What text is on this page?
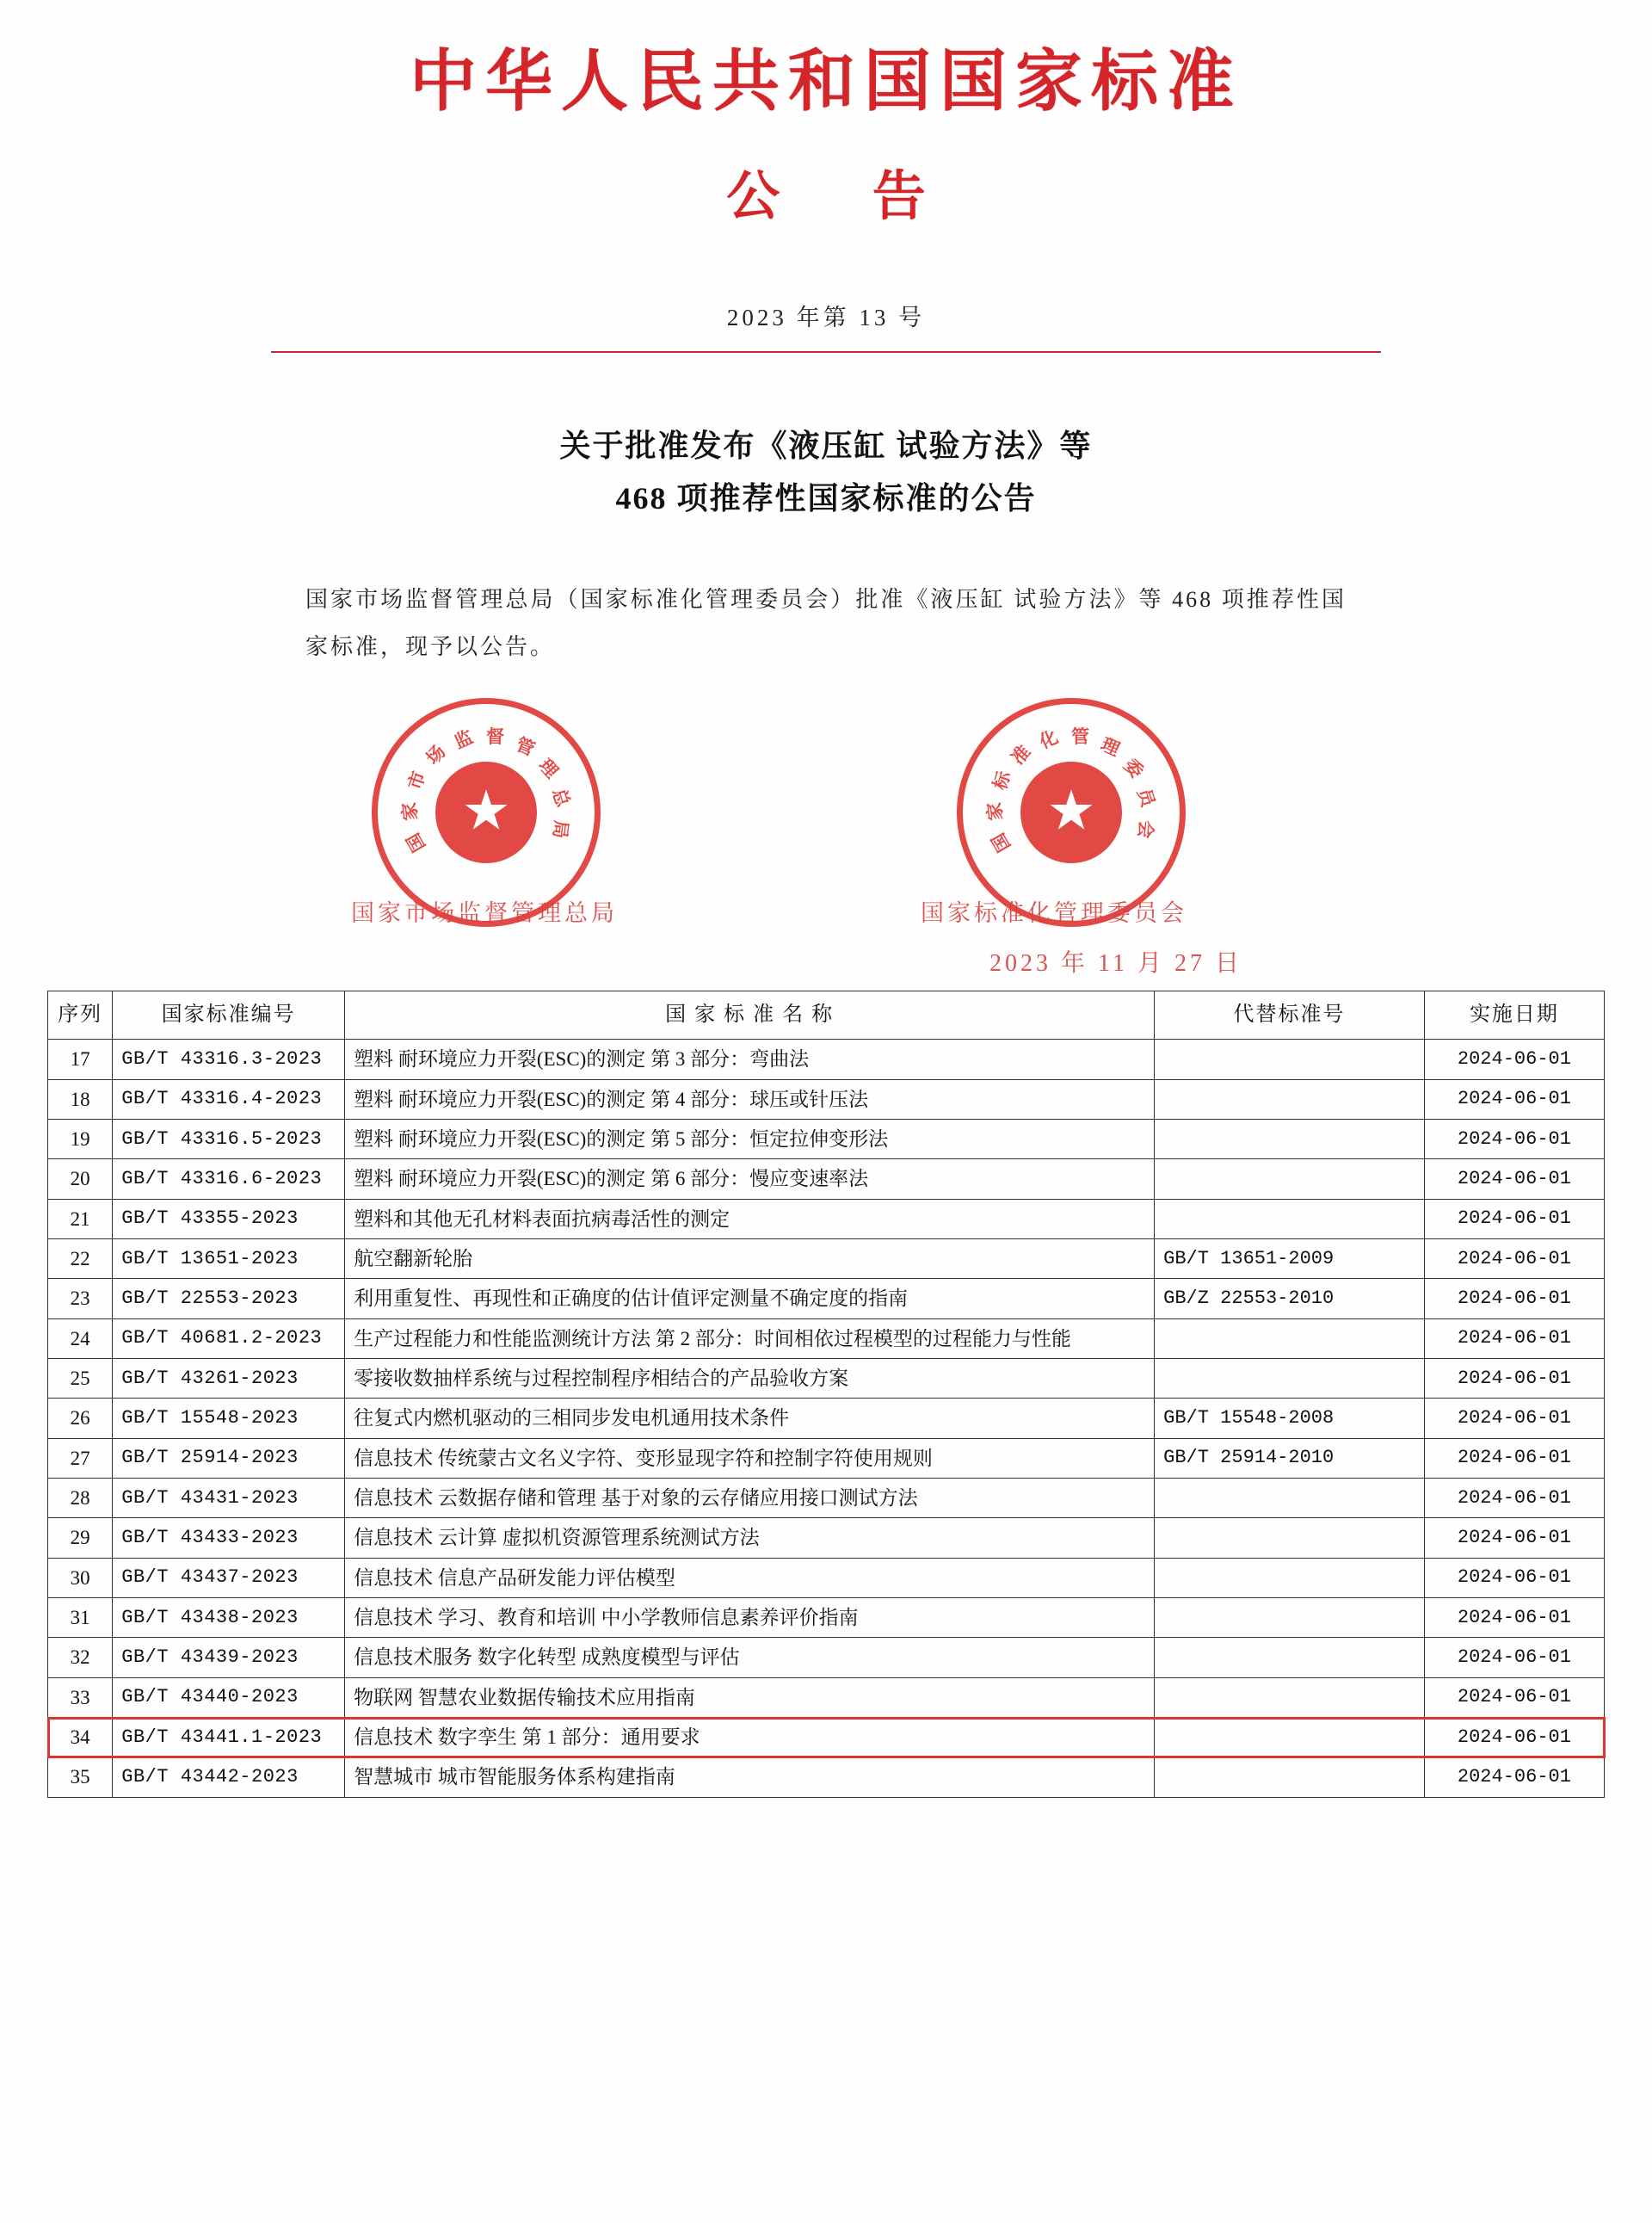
中华人民共和国国家标准
公 告
2023 年第 13 号
关于批准发布《液压缸 试验方法》等
468 项推荐性国家标准的公告

国家市场监督管理总局（国家标准化管理委员会）批准《液压缸 试验方法》等 468 项推荐性国家标准，现予以公告。

国
家
市
场
监 督 管
理
总
局 ★	国
家
标
准
化 管 理
委
员
会
★
国家市场监督管理总局	国家标准化管理委员会
2023 年 11 月 27 日
序列	国家标准编号	国 家 标 准 名 称	代替标准号	实施日期
17	GB/T 43316.3-2023	塑料 耐环境应力开裂(ESC)的测定 第 3 部分：弯曲法		2024-06-01
18	GB/T 43316.4-2023	塑料 耐环境应力开裂(ESC)的测定 第 4 部分：球压或针压法		2024-06-01
19	GB/T 43316.5-2023	塑料 耐环境应力开裂(ESC)的测定 第 5 部分：恒定拉伸变形法		2024-06-01
20	GB/T 43316.6-2023	塑料 耐环境应力开裂(ESC)的测定 第 6 部分：慢应变速率法		2024-06-01
21	GB/T 43355-2023	塑料和其他无孔材料表面抗病毒活性的测定		2024-06-01
22	GB/T 13651-2023	航空翻新轮胎	GB/T 13651-2009	2024-06-01
23	GB/T 22553-2023	利用重复性、再现性和正确度的估计值评定测量不确定度的指南	GB/Z 22553-2010	2024-06-01
24	GB/T 40681.2-2023	生产过程能力和性能监测统计方法 第 2 部分：时间相依过程模型的过程能力与性能		2024-06-01
25	GB/T 43261-2023	零接收数抽样系统与过程控制程序相结合的产品验收方案		2024-06-01
26	GB/T 15548-2023	往复式内燃机驱动的三相同步发电机通用技术条件	GB/T 15548-2008	2024-06-01
27	GB/T 25914-2023	信息技术 传统蒙古文名义字符、变形显现字符和控制字符使用规则	GB/T 25914-2010	2024-06-01
28	GB/T 43431-2023	信息技术 云数据存储和管理 基于对象的云存储应用接口测试方法		2024-06-01
29	GB/T 43433-2023	信息技术 云计算 虚拟机资源管理系统测试方法		2024-06-01
30	GB/T 43437-2023	信息技术 信息产品研发能力评估模型		2024-06-01
31	GB/T 43438-2023	信息技术 学习、教育和培训 中小学教师信息素养评价指南		2024-06-01
32	GB/T 43439-2023	信息技术服务 数字化转型 成熟度模型与评估		2024-06-01
33	GB/T 43440-2023	物联网 智慧农业数据传输技术应用指南		2024-06-01
34	GB/T 43441.1-2023	信息技术 数字孪生 第 1 部分：通用要求		2024-06-01
35	GB/T 43442-2023	智慧城市 城市智能服务体系构建指南		2024-06-01
